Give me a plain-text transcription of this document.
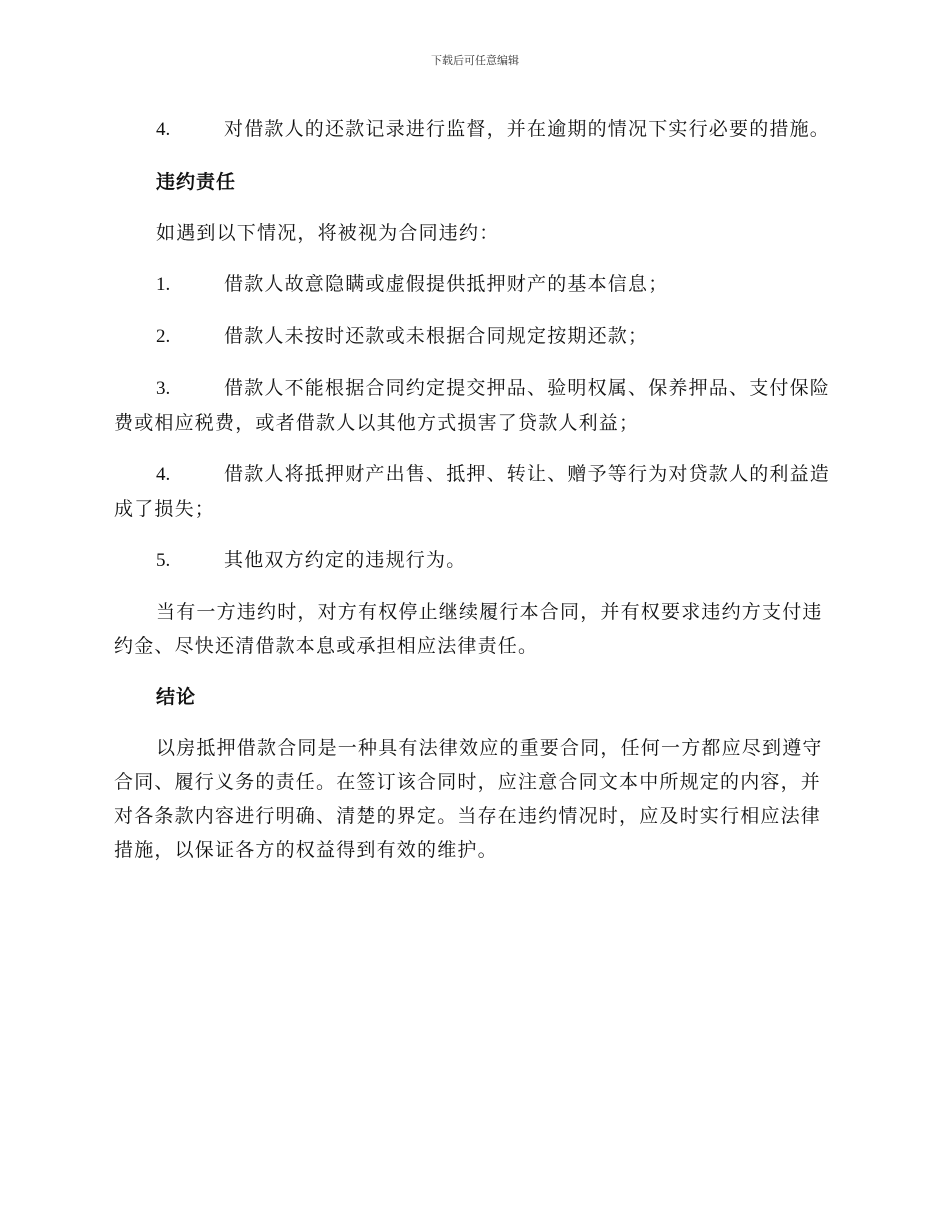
下载后可任意编辑

4.	对借款人的还款记录进行监督，并在逾期的情况下实行必要的措施。

违约责任

如遇到以下情况，将被视为合同违约：

1.	借款人故意隐瞒或虚假提供抵押财产的基本信息；

2.	借款人未按时还款或未根据合同规定按期还款；

3.	借款人不能根据合同约定提交押品、验明权属、保养押品、支付保险费或相应税费，或者借款人以其他方式损害了贷款人利益；

4.	借款人将抵押财产出售、抵押、转让、赠予等行为对贷款人的利益造成了损失；

5.	其他双方约定的违规行为。

当有一方违约时，对方有权停止继续履行本合同，并有权要求违约方支付违约金、尽快还清借款本息或承担相应法律责任。

结论

以房抵押借款合同是一种具有法律效应的重要合同，任何一方都应尽到遵守合同、履行义务的责任。在签订该合同时，应注意合同文本中所规定的内容，并对各条款内容进行明确、清楚的界定。当存在违约情况时，应及时实行相应法律措施，以保证各方的权益得到有效的维护。
